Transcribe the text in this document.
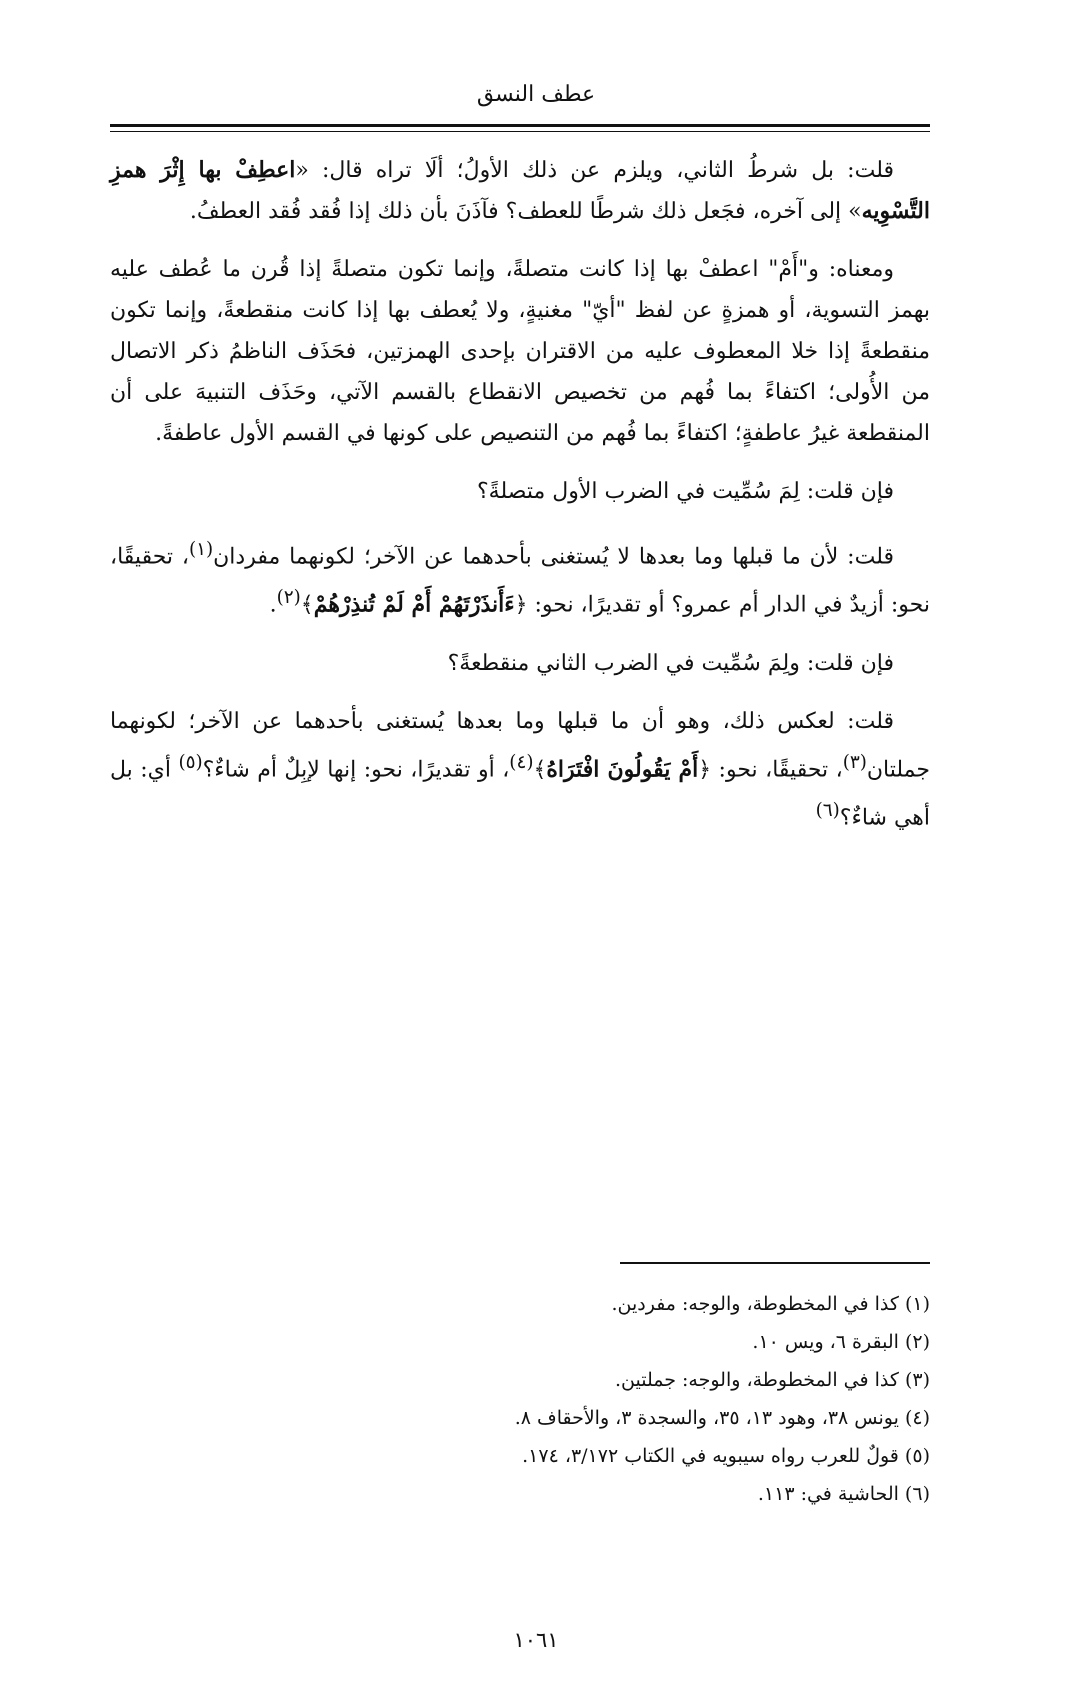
عطف النسق

قلت: بل شرطُ الثاني، ويلزم عن ذلك الأولُ؛ ألَا تراه قال: «اعطِفْ بها إِثْرَ همزِ التَّسْوِيه» إلى آخره، فجَعل ذلك شرطًا للعطف؟ فآذَنَ بأن ذلك إذا فُقد فُقد العطفُ.

ومعناه: و"أَمْ" اعطفْ بها إذا كانت متصلةً، وإنما تكون متصلةً إذا قُرن ما عُطف عليه بهمز التسوية، أو همزةٍ عن لفظ "أيّ" مغنيةٍ، ولا يُعطف بها إذا كانت منقطعةً، وإنما تكون منقطعةً إذا خلا المعطوف عليه من الاقتران بإحدى الهمزتين، فحَذَف الناظمُ ذكر الاتصال من الأُولى؛ اكتفاءً بما فُهم من تخصيص الانقطاع بالقسم الآتي، وحَذَف التنبيهَ على أن المنقطعة غيرُ عاطفةٍ؛ اكتفاءً بما فُهم من التنصيص على كونها في القسم الأول عاطفةً.

فإن قلت: لِمَ سُمِّيت في الضرب الأول متصلةً؟

قلت: لأن ما قبلها وما بعدها لا يُستغنى بأحدهما عن الآخر؛ لكونهما مفردان$^{(١)}$، تحقيقًا، نحو: أزيدٌ في الدار أم عمرو؟ أو تقديرًا، نحو: ﴿ءَأَنذَرْتَهُمْ أَمْ لَمْ تُنذِرْهُمْ﴾$^{(٢)}$.

فإن قلت: ولِمَ سُمِّيت في الضرب الثاني منقطعةً؟

قلت: لعكس ذلك، وهو أن ما قبلها وما بعدها يُستغنى بأحدهما عن الآخر؛ لكونهما جملتان$^{(٣)}$، تحقيقًا، نحو: ﴿أَمْ يَقُولُونَ افْتَرَاهُ﴾$^{(٤)}$، أو تقديرًا، نحو: إنها لإبِلٌ أم شاءٌ؟$^{(٥)}$ أي: بل أهي شاءٌ؟$^{(٦)}$

(١) كذا في المخطوطة، والوجه: مفردين.
(٢) البقرة ٦، ويس ١٠.
(٣) كذا في المخطوطة، والوجه: جملتين.
(٤) يونس ٣٨، وهود ١٣، ٣٥، والسجدة ٣، والأحقاف ٨.
(٥) قولٌ للعرب رواه سيبويه في الكتاب ٣/١٧٢، ١٧٤.
(٦) الحاشية في: ١١٣.
١٠٦١
